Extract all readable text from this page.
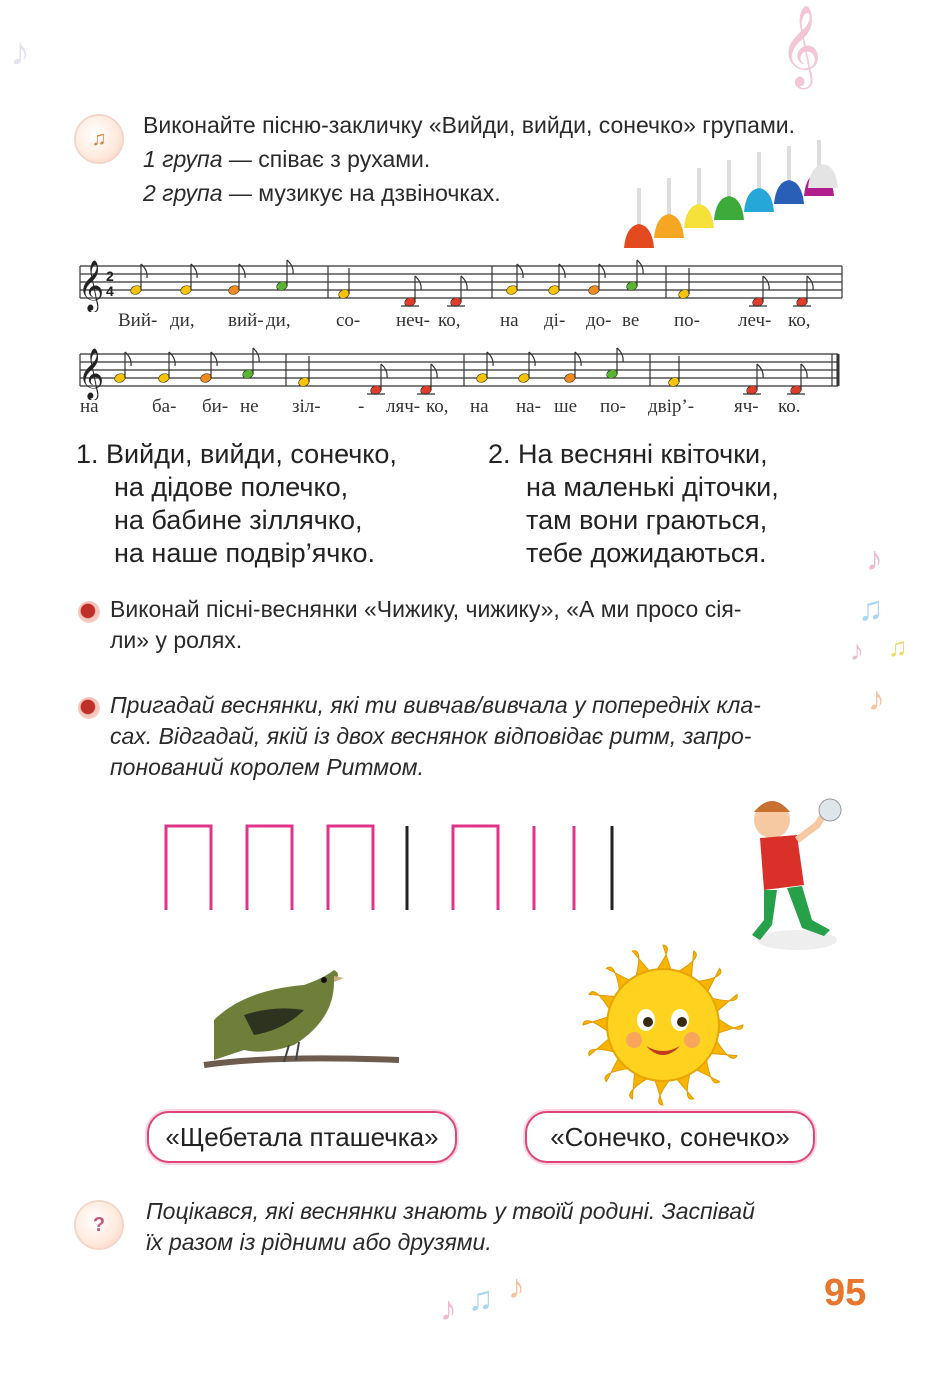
♪
♫
♪ ♫
♪
♪ ♫ ♪
𝄞
♪
♫
Виконайте пісню-закличку «Вийди, вийди, сонечко» групами.
1 група — співає з рухами.
2 група — музикує на дзвіночках.
𝄞 2
4
Вий- ди, вий- ди, со- неч- ко, на ді- до- ве по- леч- ко,
𝄞
на	ба- би- не зіл- - ляч- ко, на на- ше по- двір’- яч- ко.
1. Вийди, вийди, сонечко,
на дідове полечко,
на бабине зіллячко,
на наше подвір’ячко.
2. На весняні квіточки,
на маленькі діточки,
там вони граються,
тебе дожидаються.
Виконай пісні-веснянки «Чижику, чижику», «А ми просо сія-
ли» у ролях.
Пригадай веснянки, які ти вивчав/вивчала у попередніх кла-
сах. Відгадай, якій із двох веснянок відповідає ритм, запро-
понований королем Ритмом.
«Щебетала пташечка»	«Сонечко, сонечко»
?
Поцікався, які веснянки знають у твоїй родині. Заспівай
їх разом із рідними або друзями.
95
